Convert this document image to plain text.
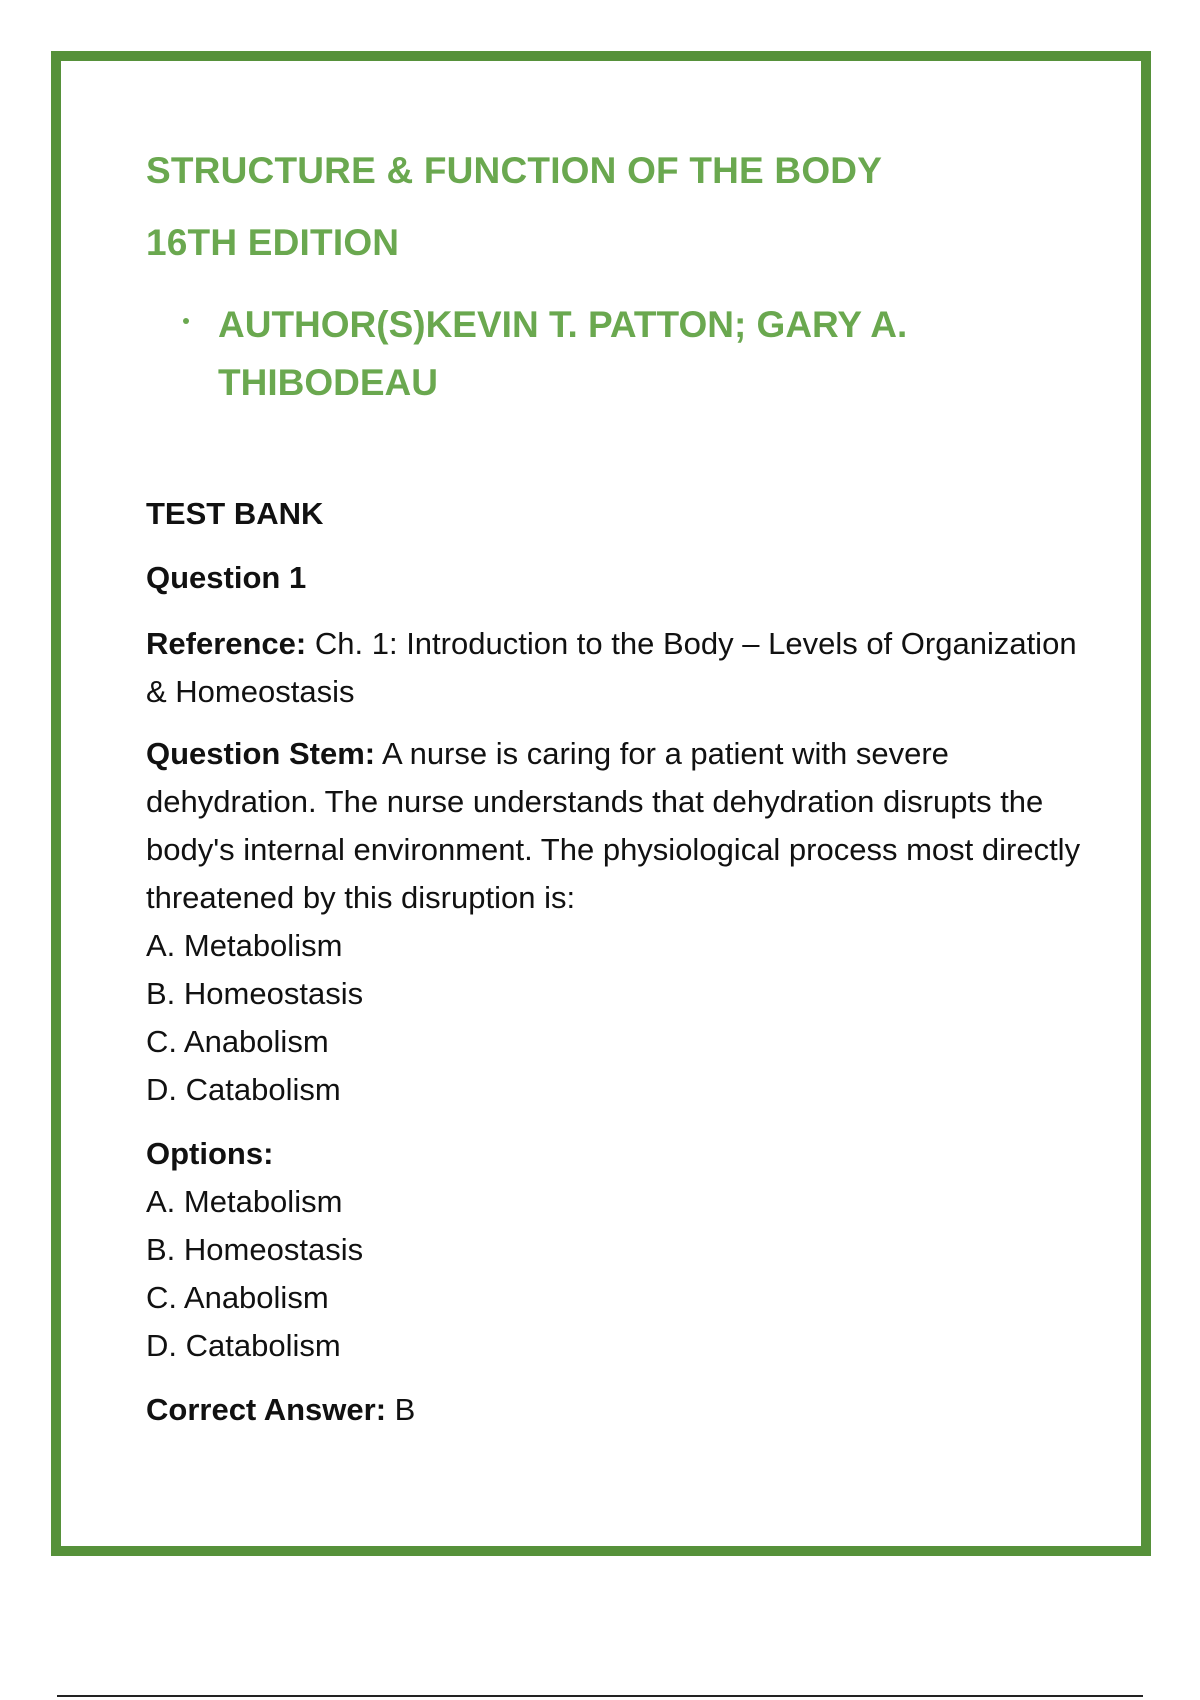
STRUCTURE & FUNCTION OF THE BODY
16TH EDITION
AUTHOR(S)KEVIN T. PATTON; GARY A. THIBODEAU
TEST BANK
Question 1
Reference: Ch. 1: Introduction to the Body – Levels of Organization & Homeostasis
Question Stem: A nurse is caring for a patient with severe dehydration. The nurse understands that dehydration disrupts the body's internal environment. The physiological process most directly threatened by this disruption is:
A. Metabolism
B. Homeostasis
C. Anabolism
D. Catabolism
Options:
A. Metabolism
B. Homeostasis
C. Anabolism
D. Catabolism
Correct Answer: B
